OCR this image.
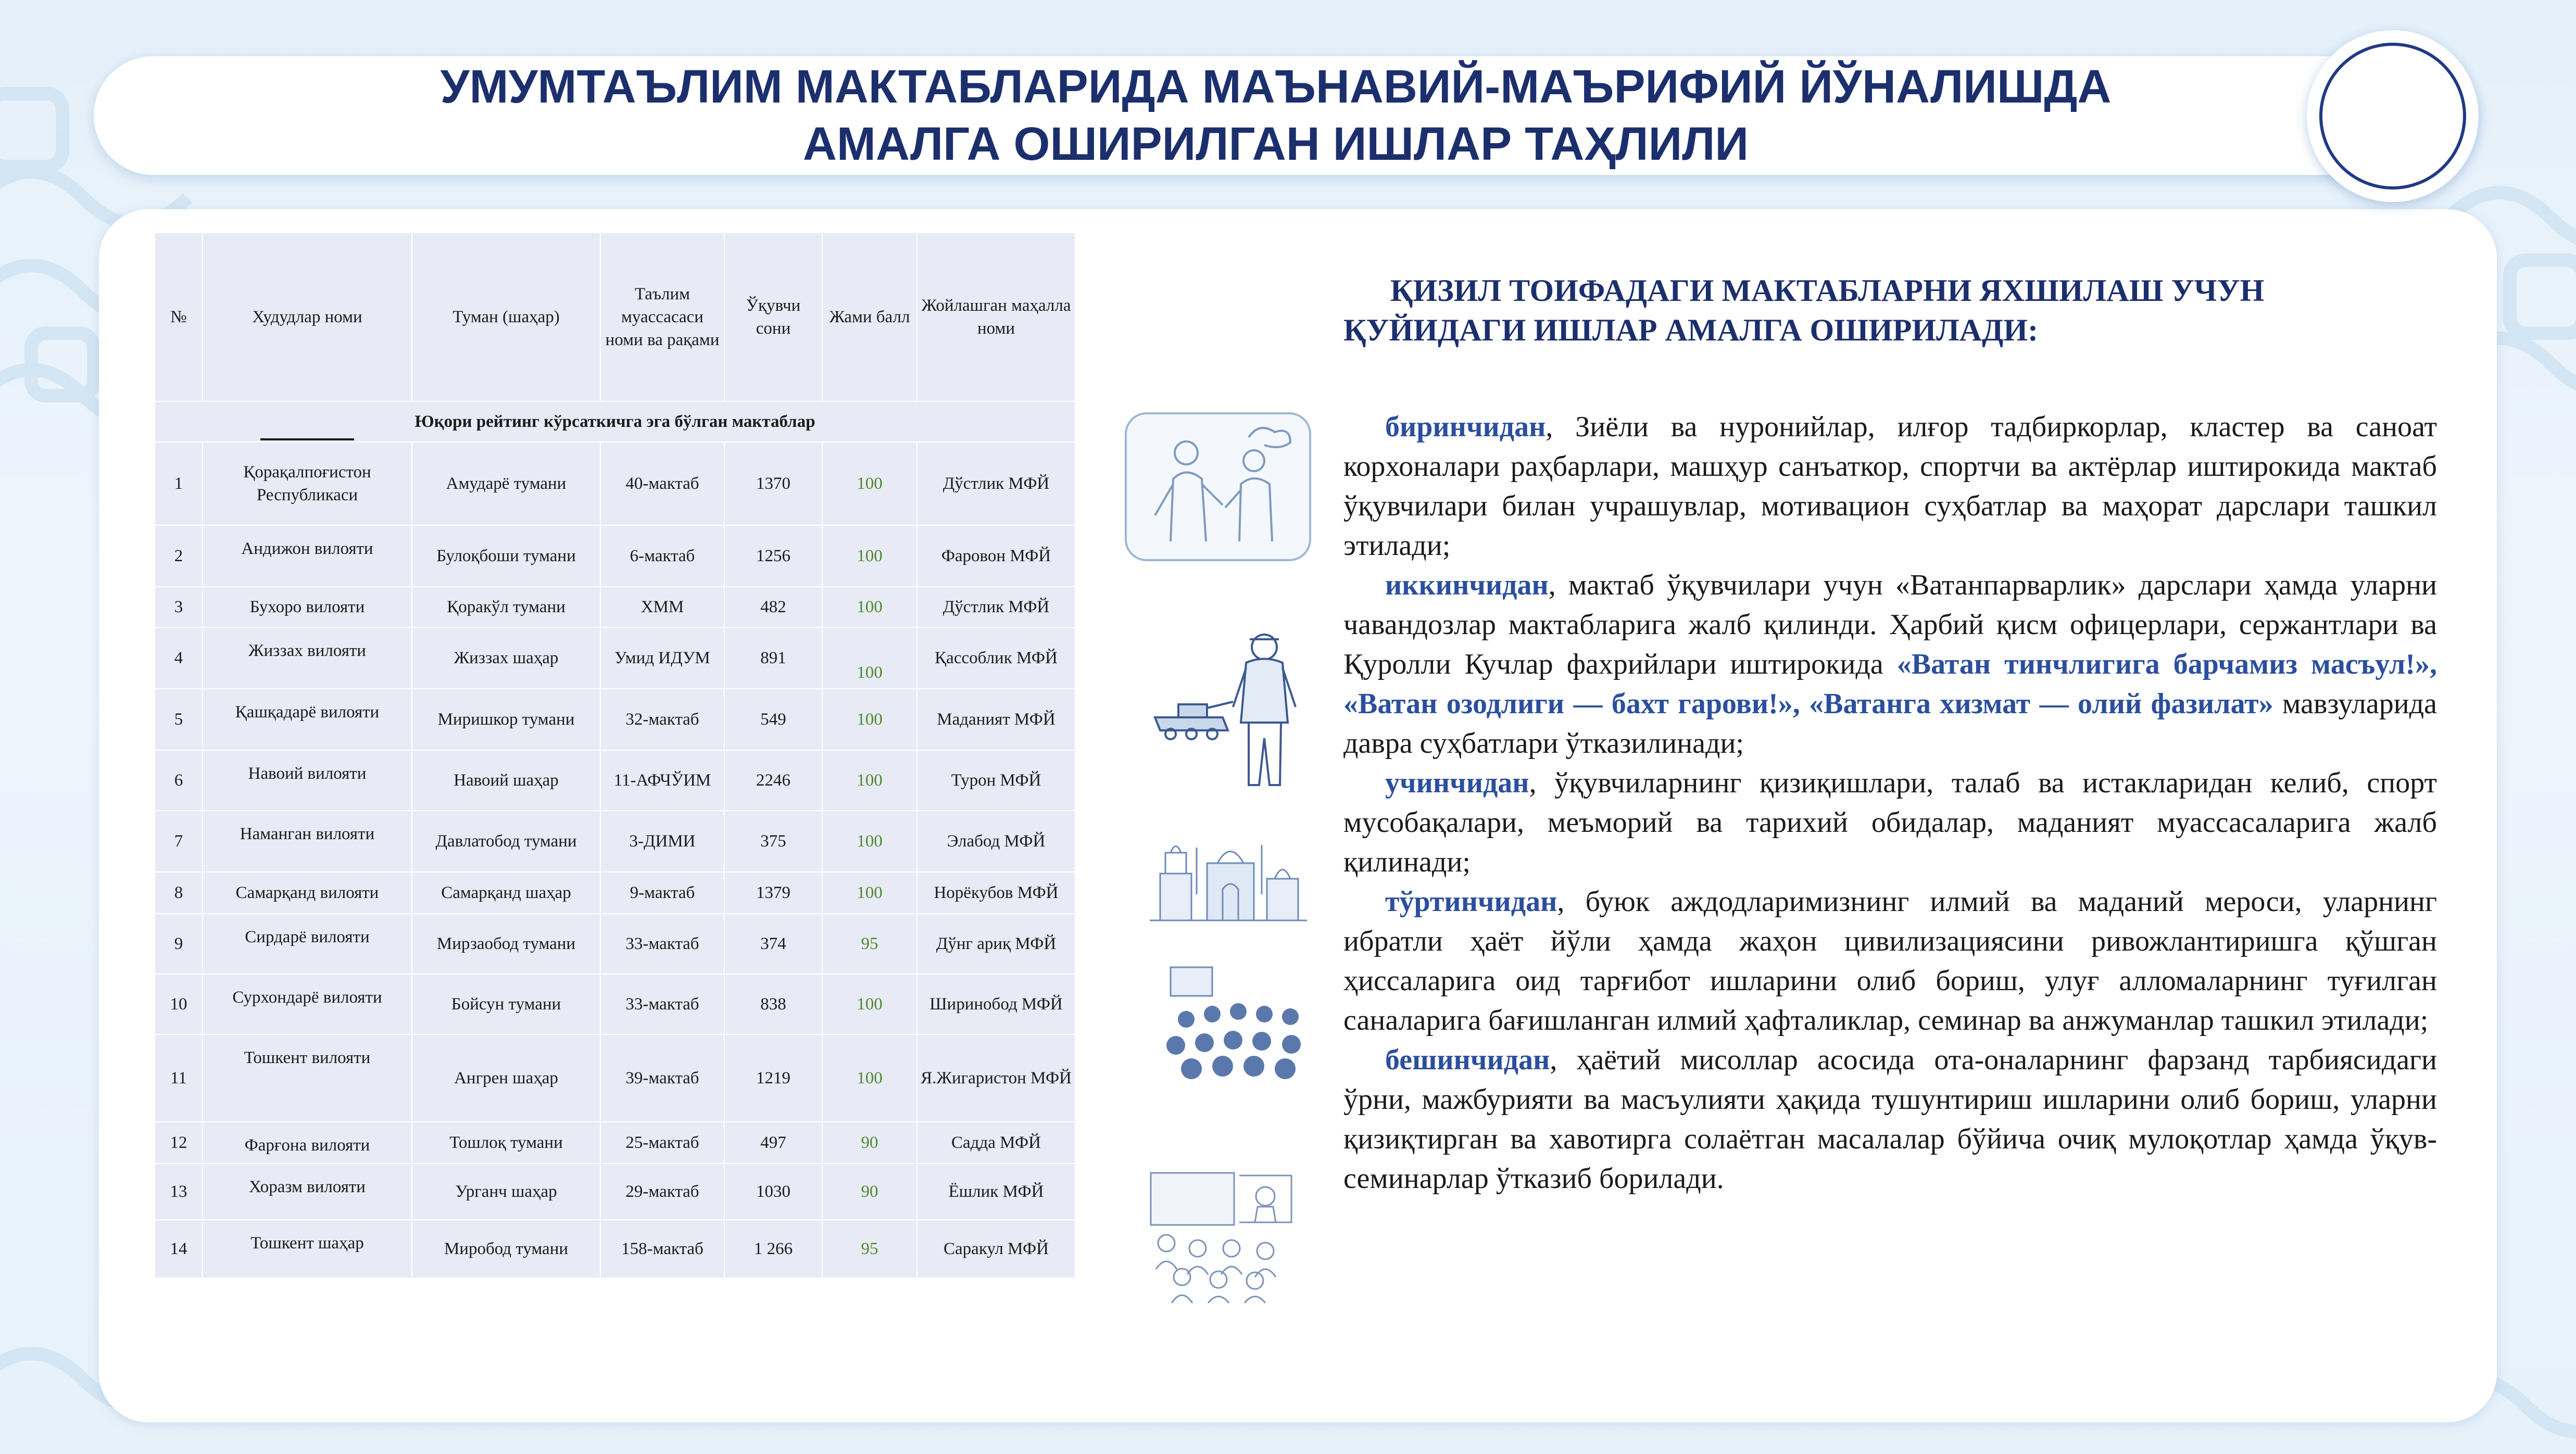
УМУМТАЪЛИМ МАКТАБЛАРИДА МАЪНАВИЙ-МАЪРИФИЙ ЙЎНАЛИШДА
АМАЛГА ОШИРИЛГАН ИШЛАР ТАҲЛИЛИ
№	Худудлар номи	Туман (шаҳар)	Таълим муассасаси номи ва рақами	Ўқувчи сони	Жами балл	Жойлашган маҳалла номи
Юқори рейтинг кўрсаткичга эга бўлган мактаблар						
1	Қорақалпоғистон Республикаси	Амударё тумани	40-мактаб	1370	100	Дўстлик МФЙ
2	Андижон вилояти	Булоқбоши тумани	6-мактаб	1256	100	Фаровон МФЙ
3	Бухоро вилояти	Қоракўл тумани	ХММ	482	100	Дўстлик МФЙ
4	Жиззах вилояти	Жиззах шаҳар	Умид ИДУМ	891	100	Қассоблик МФЙ
5	Қашқадарё вилояти	Миришкор тумани	32-мактаб	549	100	Маданият МФЙ
6	Навоий вилояти	Навоий шаҳар	11-АФЧЎИМ	2246	100	Турон МФЙ
7	Наманган вилояти	Давлатобод тумани	3-ДИМИ	375	100	Элабод МФЙ
8	Самарқанд вилояти	Самарқанд шаҳар	9-мактаб	1379	100	Норёкубов МФЙ
9	Сирдарё вилояти	Мирзаобод тумани	33-мактаб	374	95	Дўнг ариқ МФЙ
10	Сурхондарё вилояти	Бойсун тумани	33-мактаб	838	100	Ширинобод МФЙ
11	Тошкент вилояти	Ангрен шаҳар	39-мактаб	1219	100	Я.Жигаристон МФЙ
12	Фарғона вилояти	Тошлоқ тумани	25-мактаб	497	90	Садда МФЙ
13	Хоразм вилояти	Урганч шаҳар	29-мактаб	1030	90	Ёшлик МФЙ
14	Тошкент шаҳар	Миробод тумани	158-мактаб	1 266	95	Саракул МФЙ
ҚИЗИЛ ТОИФАДАГИ МАКТАБЛАРНИ ЯХШИЛАШ УЧУН
ҚУЙИДАГИ ИШЛАР АМАЛГА ОШИРИЛАДИ:

биринчидан, Зиёли ва нуронийлар, илғор тадбиркорлар, кластер ва саноат корхоналари раҳбарлари, машҳур санъаткор, спортчи ва актёрлар иштирокида мактаб ўқувчилари билан учрашувлар, мотивацион суҳбатлар ва маҳорат дарслари ташкил этилади;

иккинчидан, мактаб ўқувчилари учун «Ватанпарварлик» дарслари ҳамда уларни чавандозлар мактабларига жалб қилинди. Ҳарбий қисм офицерлари, сержантлари ва Қуролли Кучлар фахрийлари иштирокида «Ватан тинчлигига барчамиз масъул!», «Ватан озодлиги — бахт гарови!», «Ватанга хизмат — олий фазилат» мавзуларида давра суҳбатлари ўтказилинади;

учинчидан, ўқувчиларнинг қизиқишлари, талаб ва истакларидан келиб, спорт мусобақалари, меъморий ва тарихий обидалар, маданият муассасаларига жалб қилинади;

тўртинчидан, буюк аждодларимизнинг илмий ва маданий мероси, уларнинг ибратли ҳаёт йўли ҳамда жаҳон цивилизациясини ривожлантиришга қўшган ҳиссаларига оид тарғибот ишларини олиб бориш, улуғ алломаларнинг туғилган саналарига бағишланган илмий ҳафталиклар, семинар ва анжуманлар ташкил этилади;

бешинчидан, ҳаётий мисоллар асосида ота-оналарнинг фарзанд тарбиясидаги ўрни, мажбурияти ва масъулияти ҳақида тушунтириш ишларини олиб бориш, уларни қизиқтирган ва хавотирга солаётган масалалар бўйича очиқ мулоқотлар ҳамда ўқув-семинарлар ўтказиб борилади.
